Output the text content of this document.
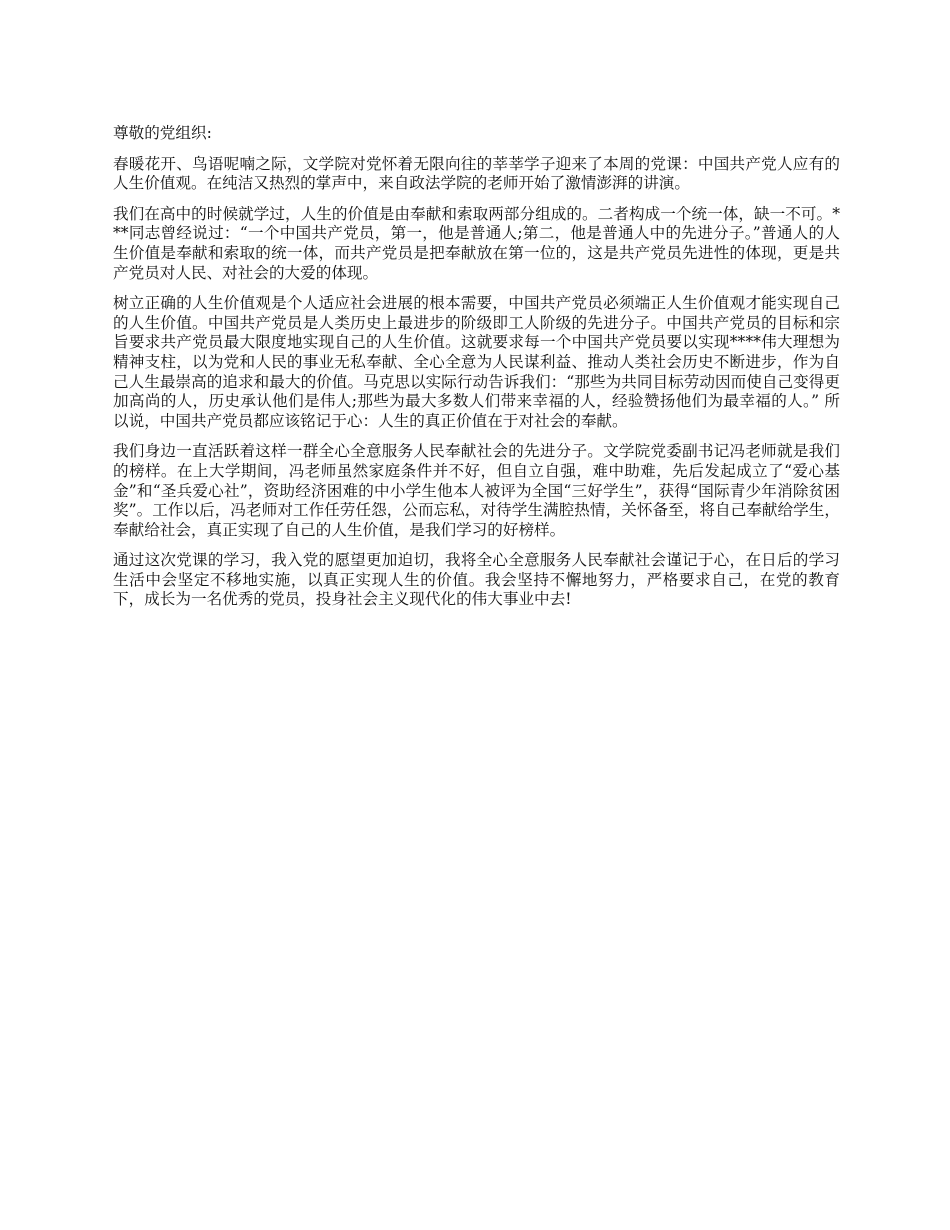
尊敬的党组织:

春暖花开、鸟语呢喃之际，文学院对党怀着无限向往的莘莘学子迎来了本周的党课：中国共产党人应有的人生价值观。在纯洁又热烈的掌声中，来自政法学院的老师开始了激情澎湃的讲演。

我们在高中的时候就学过，人生的价值是由奉献和索取两部分组成的。二者构成一个统一体，缺一不可。***同志曾经说过：“一个中国共产党员，第一，他是普通人;第二，他是普通人中的先进分子。”普通人的人生价值是奉献和索取的统一体，而共产党员是把奉献放在第一位的，这是共产党员先进性的体现，更是共产党员对人民、对社会的大爱的体现。

树立正确的人生价值观是个人适应社会进展的根本需要，中国共产党员必须端正人生价值观才能实现自己的人生价值。中国共产党员是人类历史上最进步的阶级即工人阶级的先进分子。中国共产党员的目标和宗旨要求共产党员最大限度地实现自己的人生价值。这就要求每一个中国共产党员要以实现****伟大理想为精神支柱，以为党和人民的事业无私奉献、全心全意为人民谋利益、推动人类社会历史不断进步，作为自己人生最崇高的追求和最大的价值。马克思以实际行动告诉我们：“那些为共同目标劳动因而使自己变得更加高尚的人，历史承认他们是伟人;那些为最大多数人们带来幸福的人，经验赞扬他们为最幸福的人。” 所以说，中国共产党员都应该铭记于心：人生的真正价值在于对社会的奉献。

我们身边一直活跃着这样一群全心全意服务人民奉献社会的先进分子。文学院党委副书记冯老师就是我们的榜样。在上大学期间，冯老师虽然家庭条件并不好，但自立自强，难中助难，先后发起成立了“爱心基金”和“圣兵爱心社”，资助经济困难的中小学生他本人被评为全国“三好学生”，获得“国际青少年消除贫困奖”。工作以后，冯老师对工作任劳任怨，公而忘私，对待学生满腔热情，关怀备至，将自己奉献给学生，奉献给社会，真正实现了自己的人生价值，是我们学习的好榜样。

通过这次党课的学习，我入党的愿望更加迫切，我将全心全意服务人民奉献社会谨记于心，在日后的学习生活中会坚定不移地实施，以真正实现人生的价值。我会坚持不懈地努力，严格要求自己，在党的教育下，成长为一名优秀的党员，投身社会主义现代化的伟大事业中去!
